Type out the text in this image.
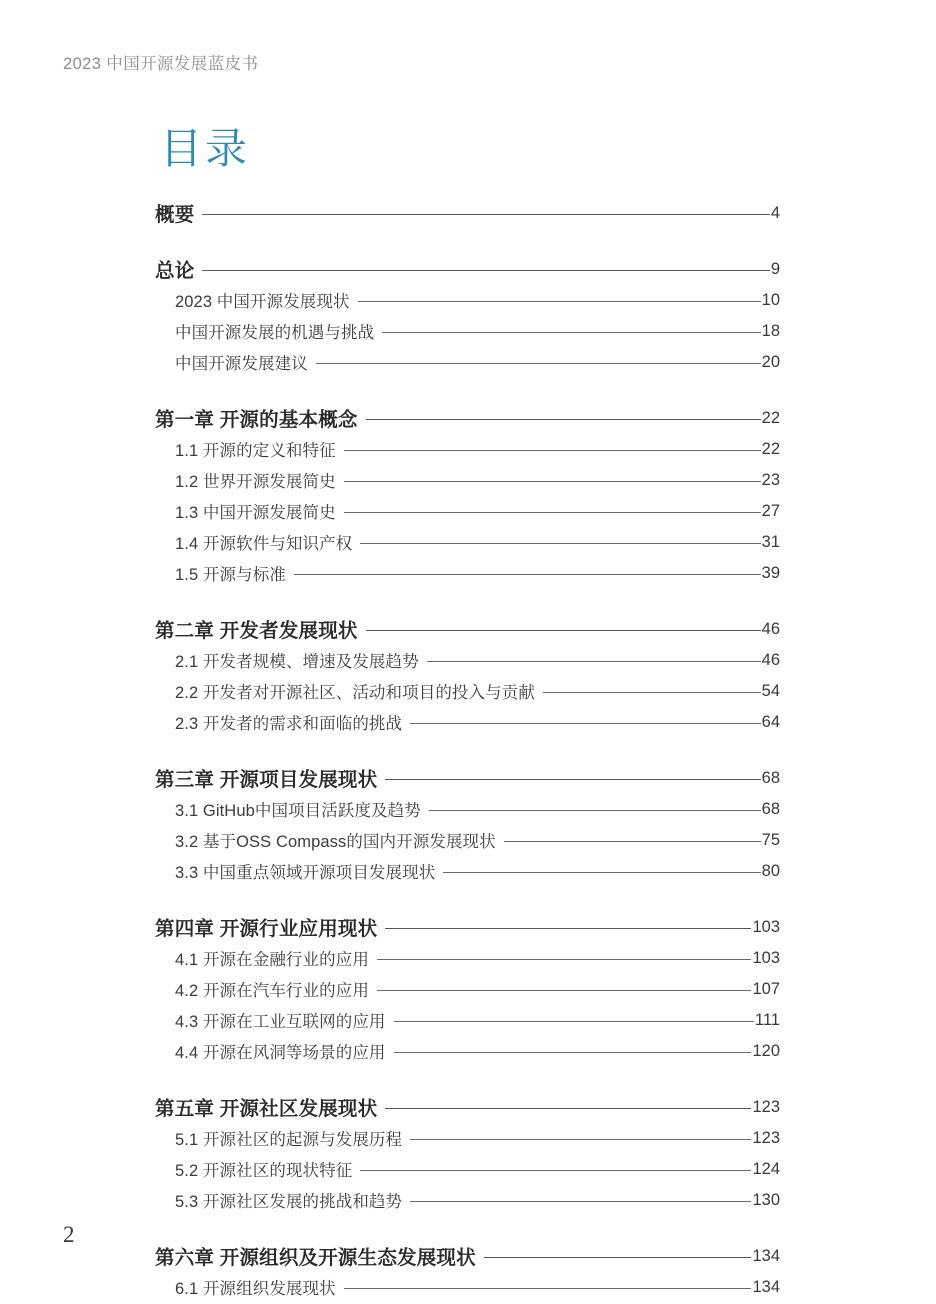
2023 中国开源发展蓝皮书
目录
概要	4
总论	9
2023 中国开源发展现状	10
中国开源发展的机遇与挑战	18
中国开源发展建议	20
第一章 开源的基本概念	22
1.1 开源的定义和特征	22
1.2 世界开源发展简史	23
1.3 中国开源发展简史	27
1.4 开源软件与知识产权	31
1.5 开源与标准	39
第二章 开发者发展现状	46
2.1 开发者规模、增速及发展趋势	46
2.2 开发者对开源社区、活动和项目的投入与贡献	54
2.3 开发者的需求和面临的挑战	64
第三章 开源项目发展现状	68
3.1 GitHub中国项目活跃度及趋势	68
3.2 基于OSS Compass的国内开源发展现状	75
3.3 中国重点领域开源项目发展现状	80
第四章 开源行业应用现状	103
4.1 开源在金融行业的应用	103
4.2 开源在汽车行业的应用	107
4.3 开源在工业互联网的应用	111
4.4 开源在风洞等场景的应用	120
第五章 开源社区发展现状	123
5.1 开源社区的起源与发展历程	123
5.2 开源社区的现状特征	124
5.3 开源社区发展的挑战和趋势	130
第六章 开源组织及开源生态发展现状	134
6.1 开源组织发展现状	134
2
